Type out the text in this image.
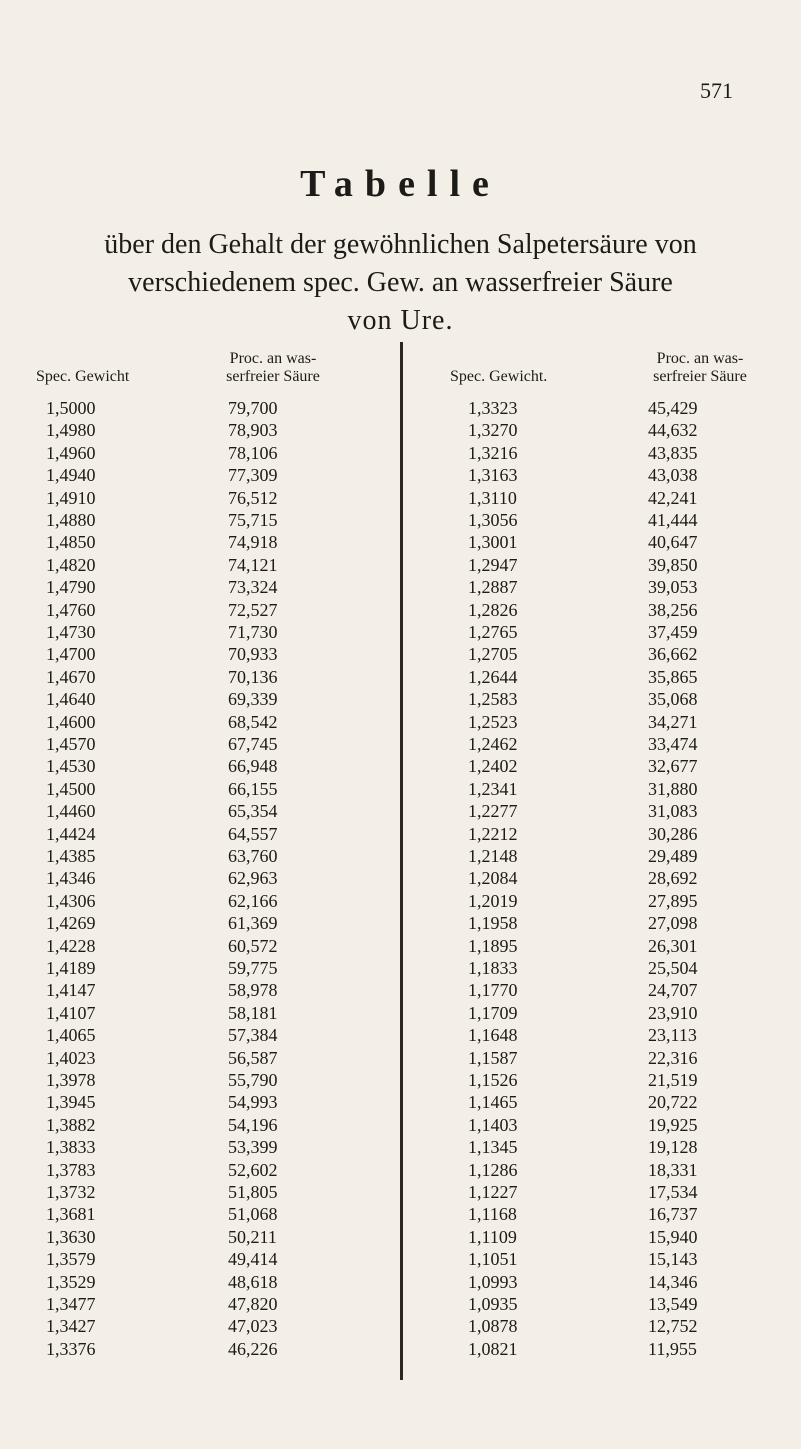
571
Tabelle
über den Gehalt der gewöhnlichen Salpetersäure von
verschiedenem spec. Gew. an wasserfreier Säure
von Ure.
Spec. Gewicht
Proc. an was-
serfreier Säure	Spec. Gewicht.
Proc. an was-
serfreier Säure
1,5000	79,700
1,4980	78,903
1,4960	78,106
1,4940	77,309
1,4910	76,512
1,4880	75,715
1,4850	74,918
1,4820	74,121
1,4790	73,324
1,4760	72,527
1,4730	71,730
1,4700	70,933
1,4670	70,136
1,4640	69,339
1,4600	68,542
1,4570	67,745
1,4530	66,948
1,4500	66,155
1,4460	65,354
1,4424	64,557
1,4385	63,760
1,4346	62,963
1,4306	62,166
1,4269	61,369
1,4228	60,572
1,4189	59,775
1,4147	58,978
1,4107	58,181
1,4065	57,384
1,4023	56,587
1,3978	55,790
1,3945	54,993
1,3882	54,196
1,3833	53,399
1,3783	52,602
1,3732	51,805
1,3681	51,068
1,3630	50,211
1,3579	49,414
1,3529	48,618
1,3477	47,820
1,3427	47,023
1,3376	46,226
1,3323	45,429
1,3270	44,632
1,3216	43,835
1,3163	43,038
1,3110	42,241
1,3056	41,444
1,3001	40,647
1,2947	39,850
1,2887	39,053
1,2826	38,256
1,2765	37,459
1,2705	36,662
1,2644	35,865
1,2583	35,068
1,2523	34,271
1,2462	33,474
1,2402	32,677
1,2341	31,880
1,2277	31,083
1,2212	30,286
1,2148	29,489
1,2084	28,692
1,2019	27,895
1,1958	27,098
1,1895	26,301
1,1833	25,504
1,1770	24,707
1,1709	23,910
1,1648	23,113
1,1587	22,316
1,1526	21,519
1,1465	20,722
1,1403	19,925
1,1345	19,128
1,1286	18,331
1,1227	17,534
1,1168	16,737
1,1109	15,940
1,1051	15,143
1,0993	14,346
1,0935	13,549
1,0878	12,752
1,0821	11,955
